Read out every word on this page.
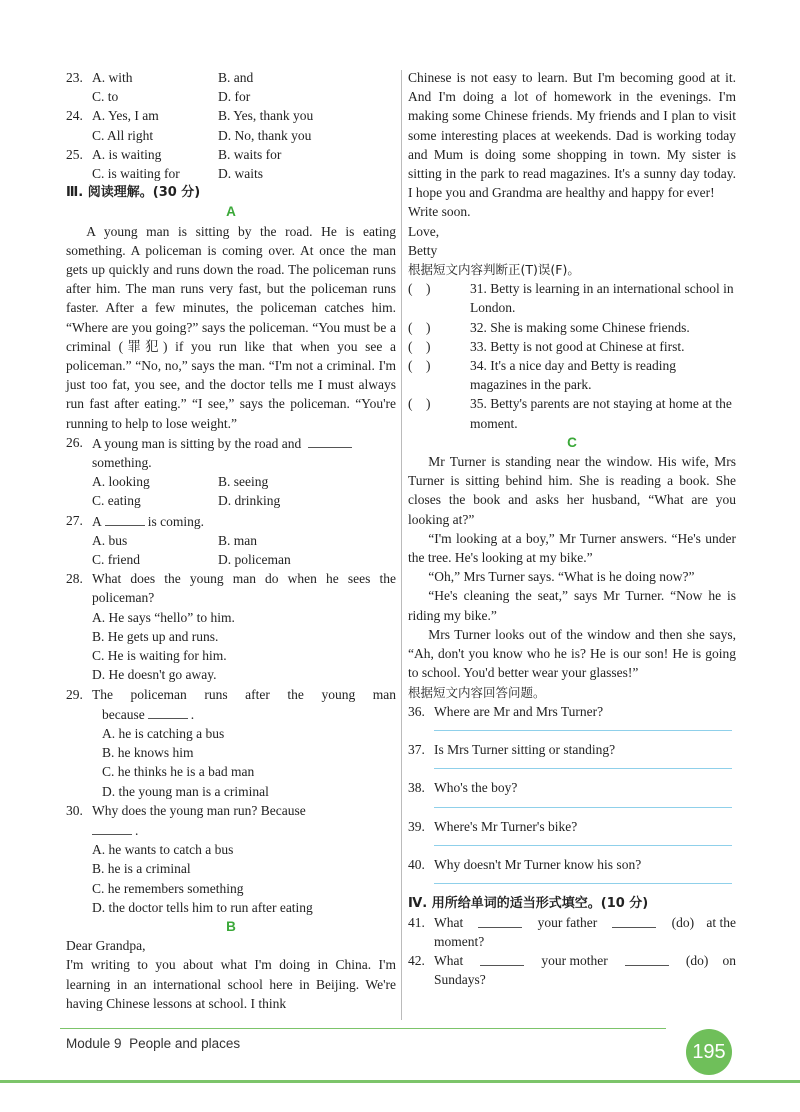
23. A. with	B. and
C. to	D. for
24. A. Yes, I am	B. Yes, thank you
C. All right	D. No, thank you
25. A. is waiting	B. waits for
C. is waiting for	D. waits
Ⅲ. 阅读理解。(30 分)
A
A young man is sitting by the road. He is eating something. A policeman is coming over. At once the man gets up quickly and runs down the road. The policeman runs after him. The man runs very fast, but the policeman runs faster. After a few minutes, the policeman catches him. “Where are you going?” says the policeman. “You must be a criminal (罪犯) if you run like that when you see a policeman.” “No, no,” says the man. “I'm not a criminal. I'm just too fat, you see, and the doctor tells me I must always run fast after eating.” “I see,” says the policeman. “You're running to help to lose weight.”
26. A young man is sitting by the road and
something.
A. looking	B. seeing
C. eating	D. drinking
27. A	is coming.
A. bus	B. man
C. friend	D. policeman
28. What does the young man do when he sees the policeman?
A. He says “hello” to him.
B. He gets up and runs.
C. He is waiting for him.
D. He doesn't go away.
29. The policeman runs after the young man
because	.
A. he is catching a bus
B. he knows him
C. he thinks he is a bad man
D. the young man is a criminal
30. Why does the young man run? Because
.
A. he wants to catch a bus
B. he is a criminal
C. he remembers something
D. the doctor tells him to run after eating
B
Dear Grandpa,
I'm writing to you about what I'm doing in China. I'm learning in an international school here in Beijing. We're having Chinese lessons at school. I think
Chinese is not easy to learn. But I'm becoming good at it. And I'm doing a lot of homework in the evenings. I'm making some Chinese friends. My friends and I plan to visit some interesting places at weekends. Dad is working today and Mum is doing some shopping in town. My sister is sitting in the park to read magazines. It's a sunny day today. I hope you and Grandma are healthy and happy for ever!
Write soon.
Love,
Betty
根据短文内容判断正(T)误(F)。
(    )	31. Betty is learning in an international school in London.
(    )	32. She is making some Chinese friends.
(    )	33. Betty is not good at Chinese at first.
(    )	34. It's a nice day and Betty is reading magazines in the park.
(    )	35. Betty's parents are not staying at home at the moment.
C
Mr Turner is standing near the window. His wife, Mrs Turner is sitting behind him. She is reading a book. She closes the book and asks her husband, “What are you looking at?”
“I'm looking at a boy,” Mr Turner answers. “He's under the tree. He's looking at my bike.”
“Oh,” Mrs Turner says. “What is he doing now?”
“He's cleaning the seat,” says Mr Turner. “Now he is riding my bike.”
Mrs Turner looks out of the window and then she says, “Ah, don't you know who he is? He is our son! He is going to school. You'd better wear your glasses!”
根据短文内容回答问题。
36. Where are Mr and Mrs Turner?
37. Is Mrs Turner sitting or standing?
38. Who's the boy?
39. Where's Mr Turner's bike?
40. Why doesn't Mr Turner know his son?
Ⅳ. 用所给单词的适当形式填空。(10 分)
41. What	your father	(do) at the
moment?
42. What	your mother	(do) on
Sundays?
Module 9 People and places	195
